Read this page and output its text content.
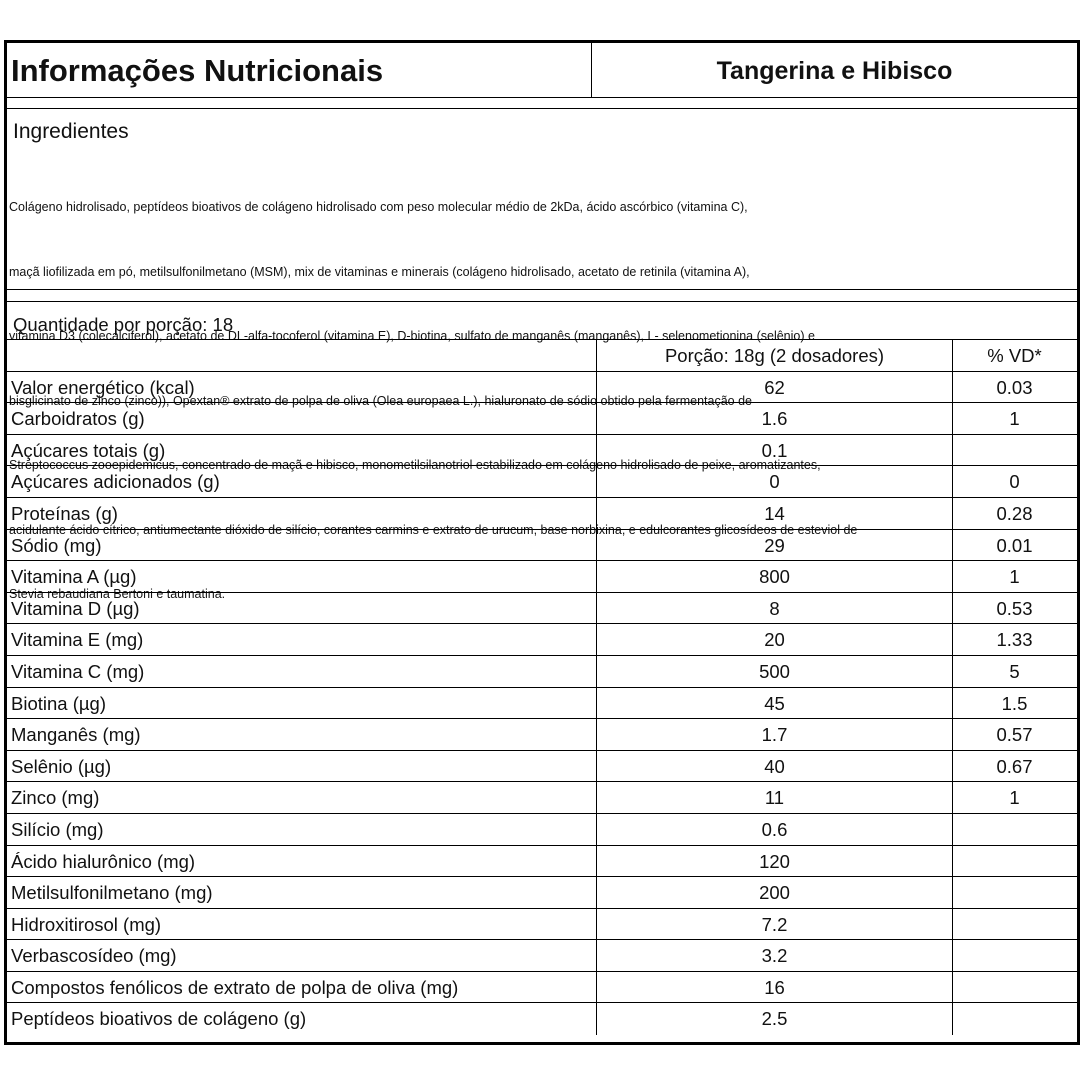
Informações Nutricionais	Tangerina e Hibisco
Ingredientes

Colágeno hidrolisado, peptídeos bioativos de colágeno hidrolisado com peso molecular médio de 2kDa, ácido ascórbico (vitamina C),

maçã liofilizada em pó, metilsulfonilmetano (MSM), mix de vitaminas e minerais (colágeno hidrolisado, acetato de retinila (vitamina A),

vitamina D3 (colecalciferol), acetato de DL-alfa-tocoferol (vitamina E), D-biotina, sulfato de manganês (manganês), L- selenometionina (selênio) e

bisglicinato de zinco (zinco)), Opextan® extrato de polpa de oliva (Olea europaea L.), hialuronato de sódio obtido pela fermentação de

Streptococcus zooepidemicus, concentrado de maçã e hibisco, monometilsilanotriol estabilizado em colágeno hidrolisado de peixe, aromatizantes,

acidulante ácido cítrico, antiumectante dióxido de silício, corantes carmins e extrato de urucum, base norbixina, e edulcorantes glicosídeos de esteviol de

Stevia rebaudiana Bertoni e taumatina.

Quantidade por porção: 18
Porção: 18g (2 dosadores)	% VD*
Valor energético (kcal)	62	0.03
Carboidratos (g)	1.6	1
Açúcares totais (g)	0.1
Açúcares adicionados (g)	0	0
Proteínas (g)	14	0.28
Sódio (mg)	29	0.01
Vitamina A (µg)	800	1
Vitamina D (µg)	8	0.53
Vitamina E (mg)	20	1.33
Vitamina C (mg)	500	5
Biotina (µg)	45	1.5
Manganês (mg)	1.7	0.57
Selênio (µg)	40	0.67
Zinco (mg)	11	1
Silício (mg)	0.6
Ácido hialurônico (mg)	120
Metilsulfonilmetano (mg)	200
Hidroxitirosol (mg)	7.2
Verbascosídeo (mg)	3.2
Compostos fenólicos de extrato de polpa de oliva (mg)	16
Peptídeos bioativos de colágeno (g)	2.5
